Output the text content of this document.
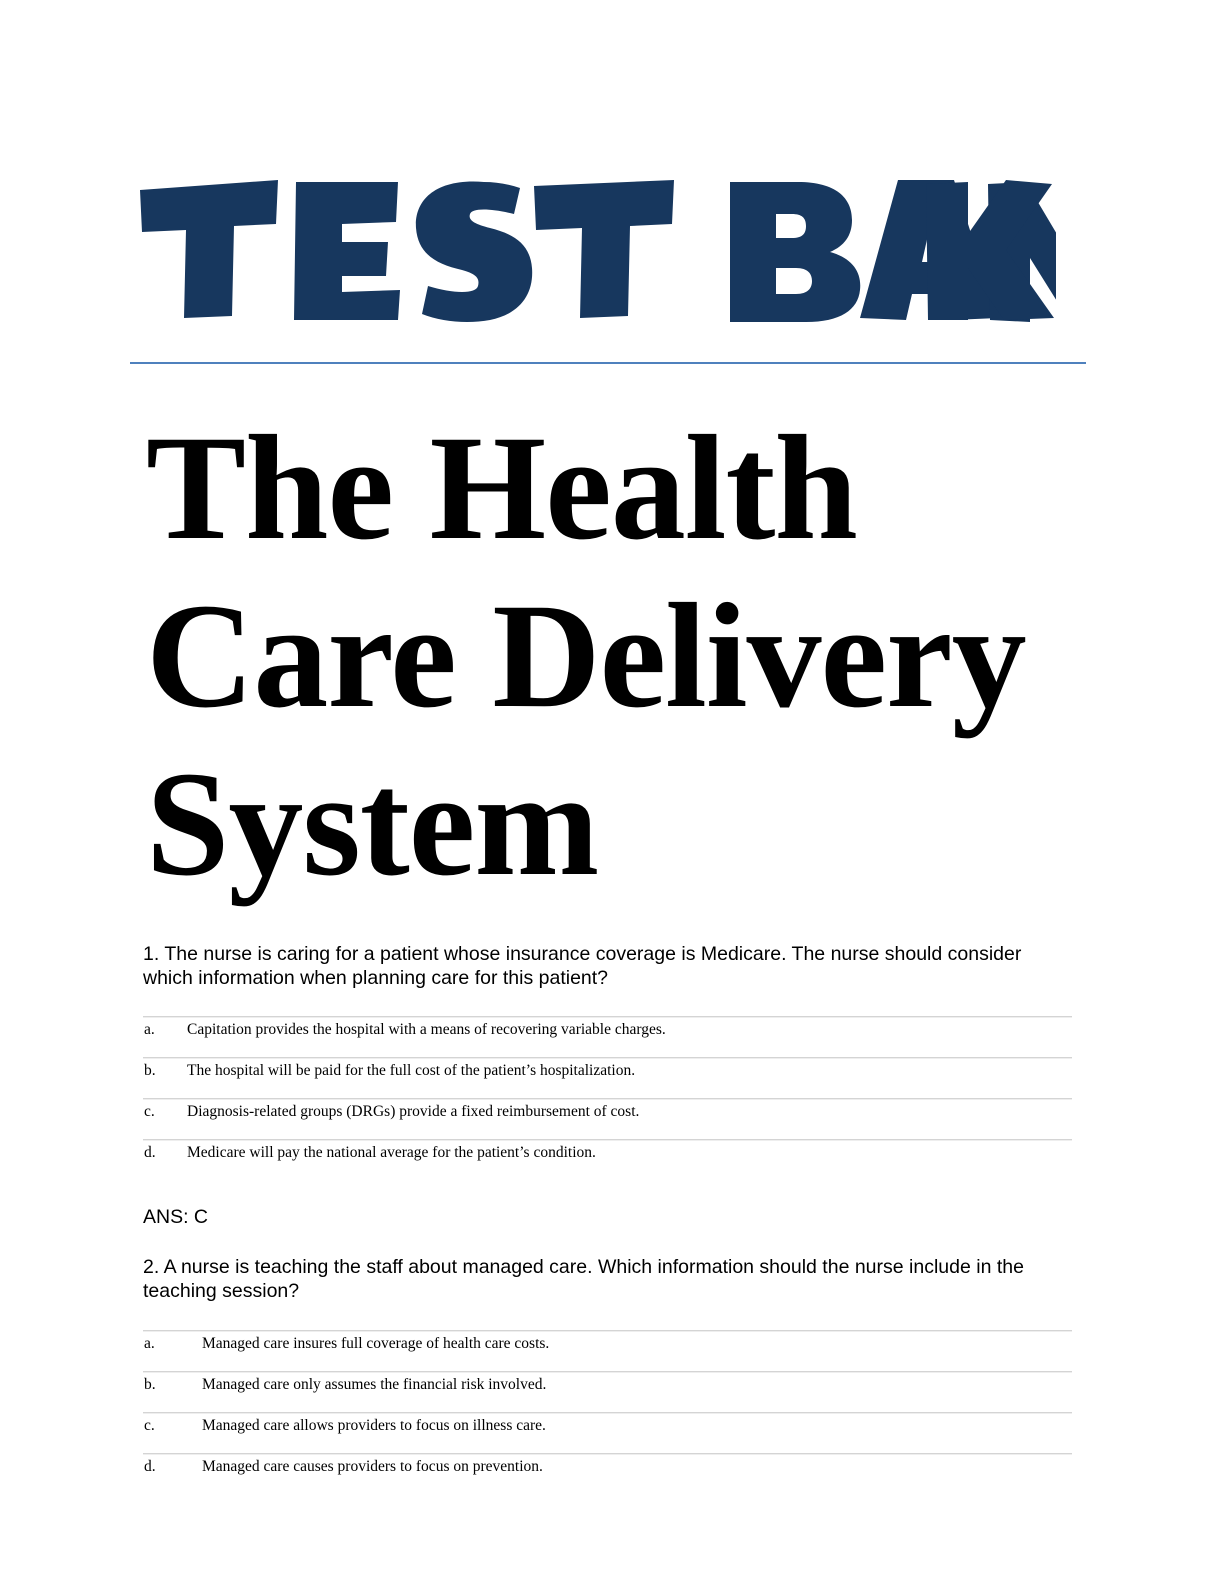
The Health
Care Delivery
System

1. The nurse is caring for a patient whose insurance coverage is Medicare. The nurse should consider which information when planning care for this patient?

a. Capitation provides the hospital with a means of recovering variable charges.
b. The hospital will be paid for the full cost of the patient’s hospitalization.
c. Diagnosis-related groups (DRGs) provide a fixed reimbursement of cost.
d. Medicare will pay the national average for the patient’s condition.

ANS: C

2. A nurse is teaching the staff about managed care. Which information should the nurse include in the teaching session?

a.	Managed care insures full coverage of health care costs.
b.	Managed care only assumes the financial risk involved.
c.	Managed care allows providers to focus on illness care.
d.	Managed care causes providers to focus on prevention.
